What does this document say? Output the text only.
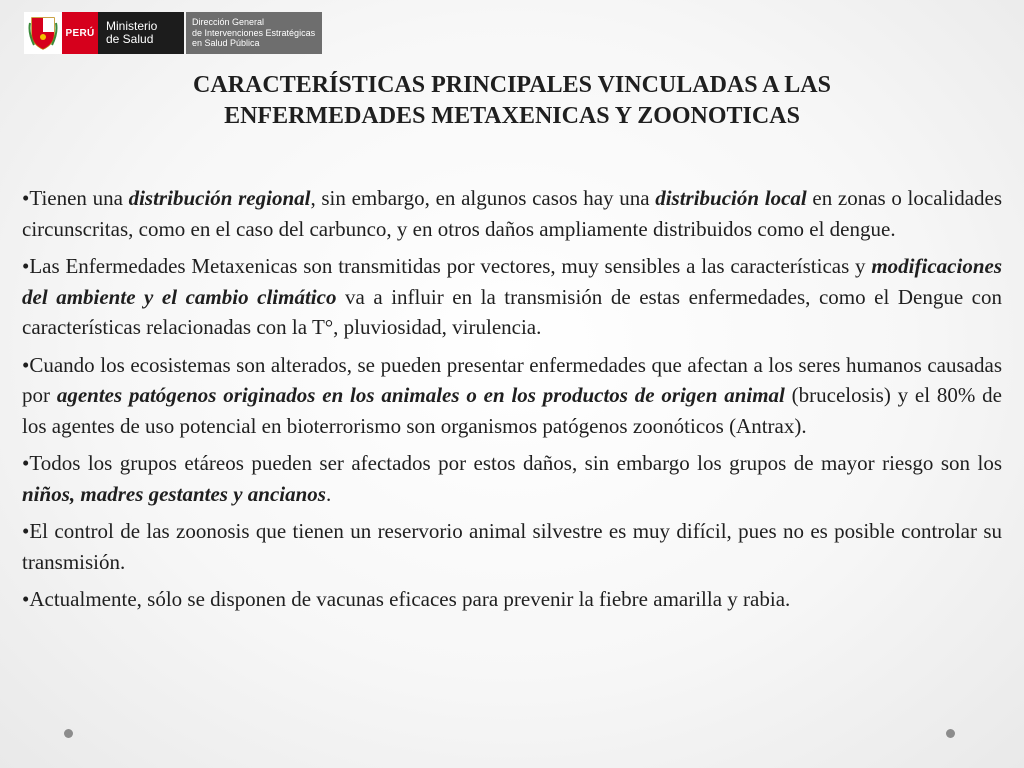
PERÚ Ministerio
de Salud
Dirección General
de Intervenciones Estratégicas
en Salud Pública
CARACTERÍSTICAS PRINCIPALES VINCULADAS A LAS
ENFERMEDADES METAXENICAS Y ZOONOTICAS
•Tienen una distribución regional, sin embargo, en algunos casos hay una distribución local en zonas o localidades circunscritas, como en el caso del carbunco, y en otros daños ampliamente distribuidos como el dengue.
•Las Enfermedades Metaxenicas son transmitidas por vectores, muy sensibles a las características y modificaciones del ambiente y el cambio climático va a influir en la transmisión de estas enfermedades, como el Dengue con características relacionadas con la T°, pluviosidad, virulencia.
•Cuando los ecosistemas son alterados, se pueden presentar enfermedades que afectan a los seres humanos causadas por agentes patógenos originados en los animales o en los productos de origen animal (brucelosis) y el 80% de los agentes de uso potencial en bioterrorismo son organismos patógenos zoonóticos (Antrax).
•Todos los grupos etáreos pueden ser afectados por estos daños, sin embargo los grupos de mayor riesgo son los niños, madres gestantes y ancianos.
•El control de las zoonosis que tienen un reservorio animal silvestre es muy difícil, pues no es posible controlar su transmisión.
•Actualmente, sólo se disponen de vacunas eficaces para prevenir la fiebre amarilla y rabia.
